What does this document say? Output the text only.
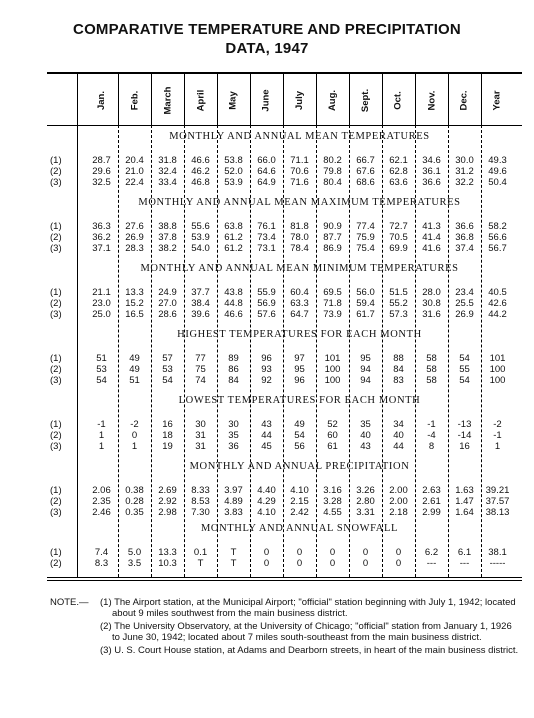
COMPARATIVE TEMPERATURE AND PRECIPITATION
DATA, 1947
Jan. Feb. March April May June July Aug. Sept. Oct. Nov. Dec. Year
MONTHLY AND ANNUAL MEAN TEMPERATURES
(1)	28.7	20.4	31.8	46.6	53.8	66.0	71.1	80.2	66.7	62.1	34.6	30.0	49.3
(2)	29.6	21.0	32.4	46.2	52.0	64.6	70.6	79.8	67.6	62.8	36.1	31.2	49.6
(3)	32.5	22.4	33.4	46.8	53.9	64.9	71.6	80.4	68.6	63.6	36.6	32.2	50.4
MONTHLY AND ANNUAL MEAN MAXIMUM TEMPERATURES
(1)	36.3	27.6	38.8	55.6	63.8	76.1	81.8	90.9	77.4	72.7	41.3	36.6	58.2
(2)	36.2	26.9	37.8	53.9	61.2	73.4	78.0	87.7	75.9	70.5	41.4	36.8	56.6
(3)	37.1	28.3	38.2	54.0	61.2	73.1	78.4	86.9	75.4	69.9	41.6	37.4	56.7
MONTHLY AND ANNUAL MEAN MINIMUM TEMPERATURES
(1)	21.1	13.3	24.9	37.7	43.8	55.9	60.4	69.5	56.0	51.5	28.0	23.4	40.5
(2)	23.0	15.2	27.0	38.4	44.8	56.9	63.3	71.8	59.4	55.2	30.8	25.5	42.6
(3)	25.0	16.5	28.6	39.6	46.6	57.6	64.7	73.9	61.7	57.3	31.6	26.9	44.2
HIGHEST TEMPERATURES FOR EACH MONTH
(1)	51	49	57	77	89	96	97	101	95	88	58	54	101
(2)	53	49	53	75	86	93	95	100	94	84	58	55	100
(3)	54	51	54	74	84	92	96	100	94	83	58	54	100
LOWEST TEMPERATURES FOR EACH MONTH
(1)	-1	-2	16	30	30	43	49	52	35	34	-1	-13	-2
(2)	1	0	18	31	35	44	54	60	40	40	-4	-14	-1
(3)	1	1	19	31	36	45	56	61	43	44	8	16	1
MONTHLY AND ANNUAL PRECIPITATION
(1)	2.06	0.38	2.69	8.33	3.97	4.40	4.10	3.16	3.26	2.00	2.63	1.63	39.21
(2)	2.35	0.28	2.92	8.53	4.89	4.29	2.15	3.28	2.80	2.00	2.61	1.47	37.57
(3)	2.46	0.35	2.98	7.30	3.83	4.10	2.42	4.55	3.31	2.18	2.99	1.64	38.13
MONTHLY AND ANNUAL SNOWFALL
(1)	7.4	5.0	13.3	0.1	T	0	0	0	0	0	6.2	6.1	38.1
(2)	8.3	3.5	10.3	T	T	0	0	0	0	0	---	---	-----
NOTE.— (1) The Airport station, at the Municipal Airport; "official" station beginning with July 1, 1942; located about 9 miles southwest from the main business district.
(2) The University Observatory, at the University of Chicago; "official" station from January 1, 1926 to June 30, 1942; located about 7 miles south-southeast from the main business district.
(3) U. S. Court House station, at Adams and Dearborn streets, in heart of the main business district.
